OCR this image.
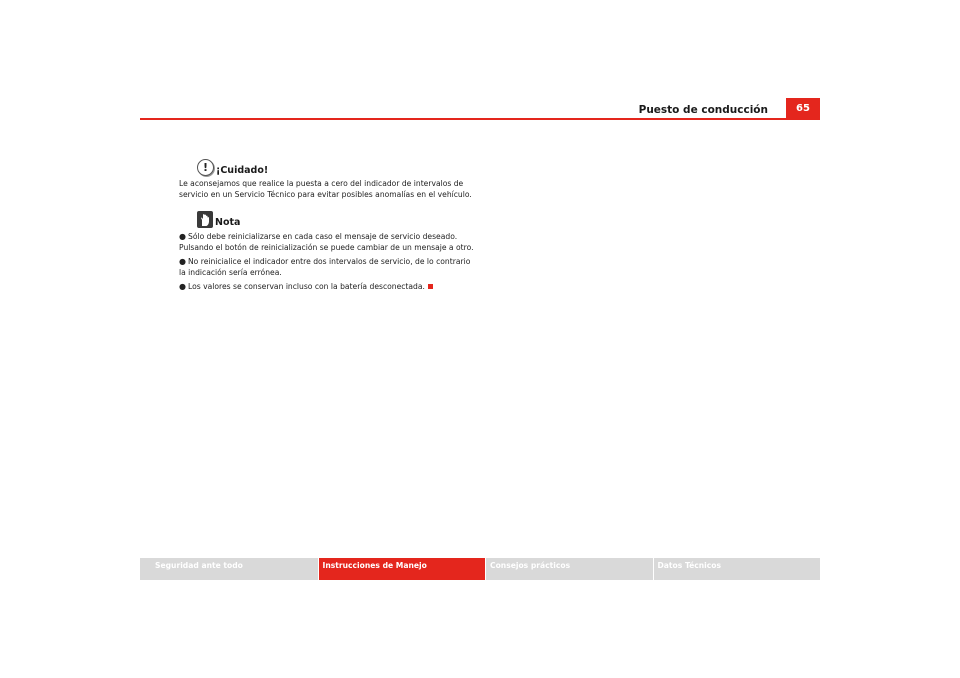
Puesto de conducción	65
! ¡Cuidado!

Le aconsejamos que realice la puesta a cero del indicador de intervalos de servicio en un Servicio Técnico para evitar posibles anomalías en el vehículo.

Nota
● Sólo debe reinicializarse en cada caso el mensaje de servicio deseado. Pulsando el botón de reinicialización se puede cambiar de un mensaje a otro.
● No reinicialice el indicador entre dos intervalos de servicio, de lo contrario la indicación sería errónea.
● Los valores se conservan incluso con la batería desconectada.
Seguridad ante todo	Instrucciones de Manejo	Consejos prácticos	Datos Técnicos
